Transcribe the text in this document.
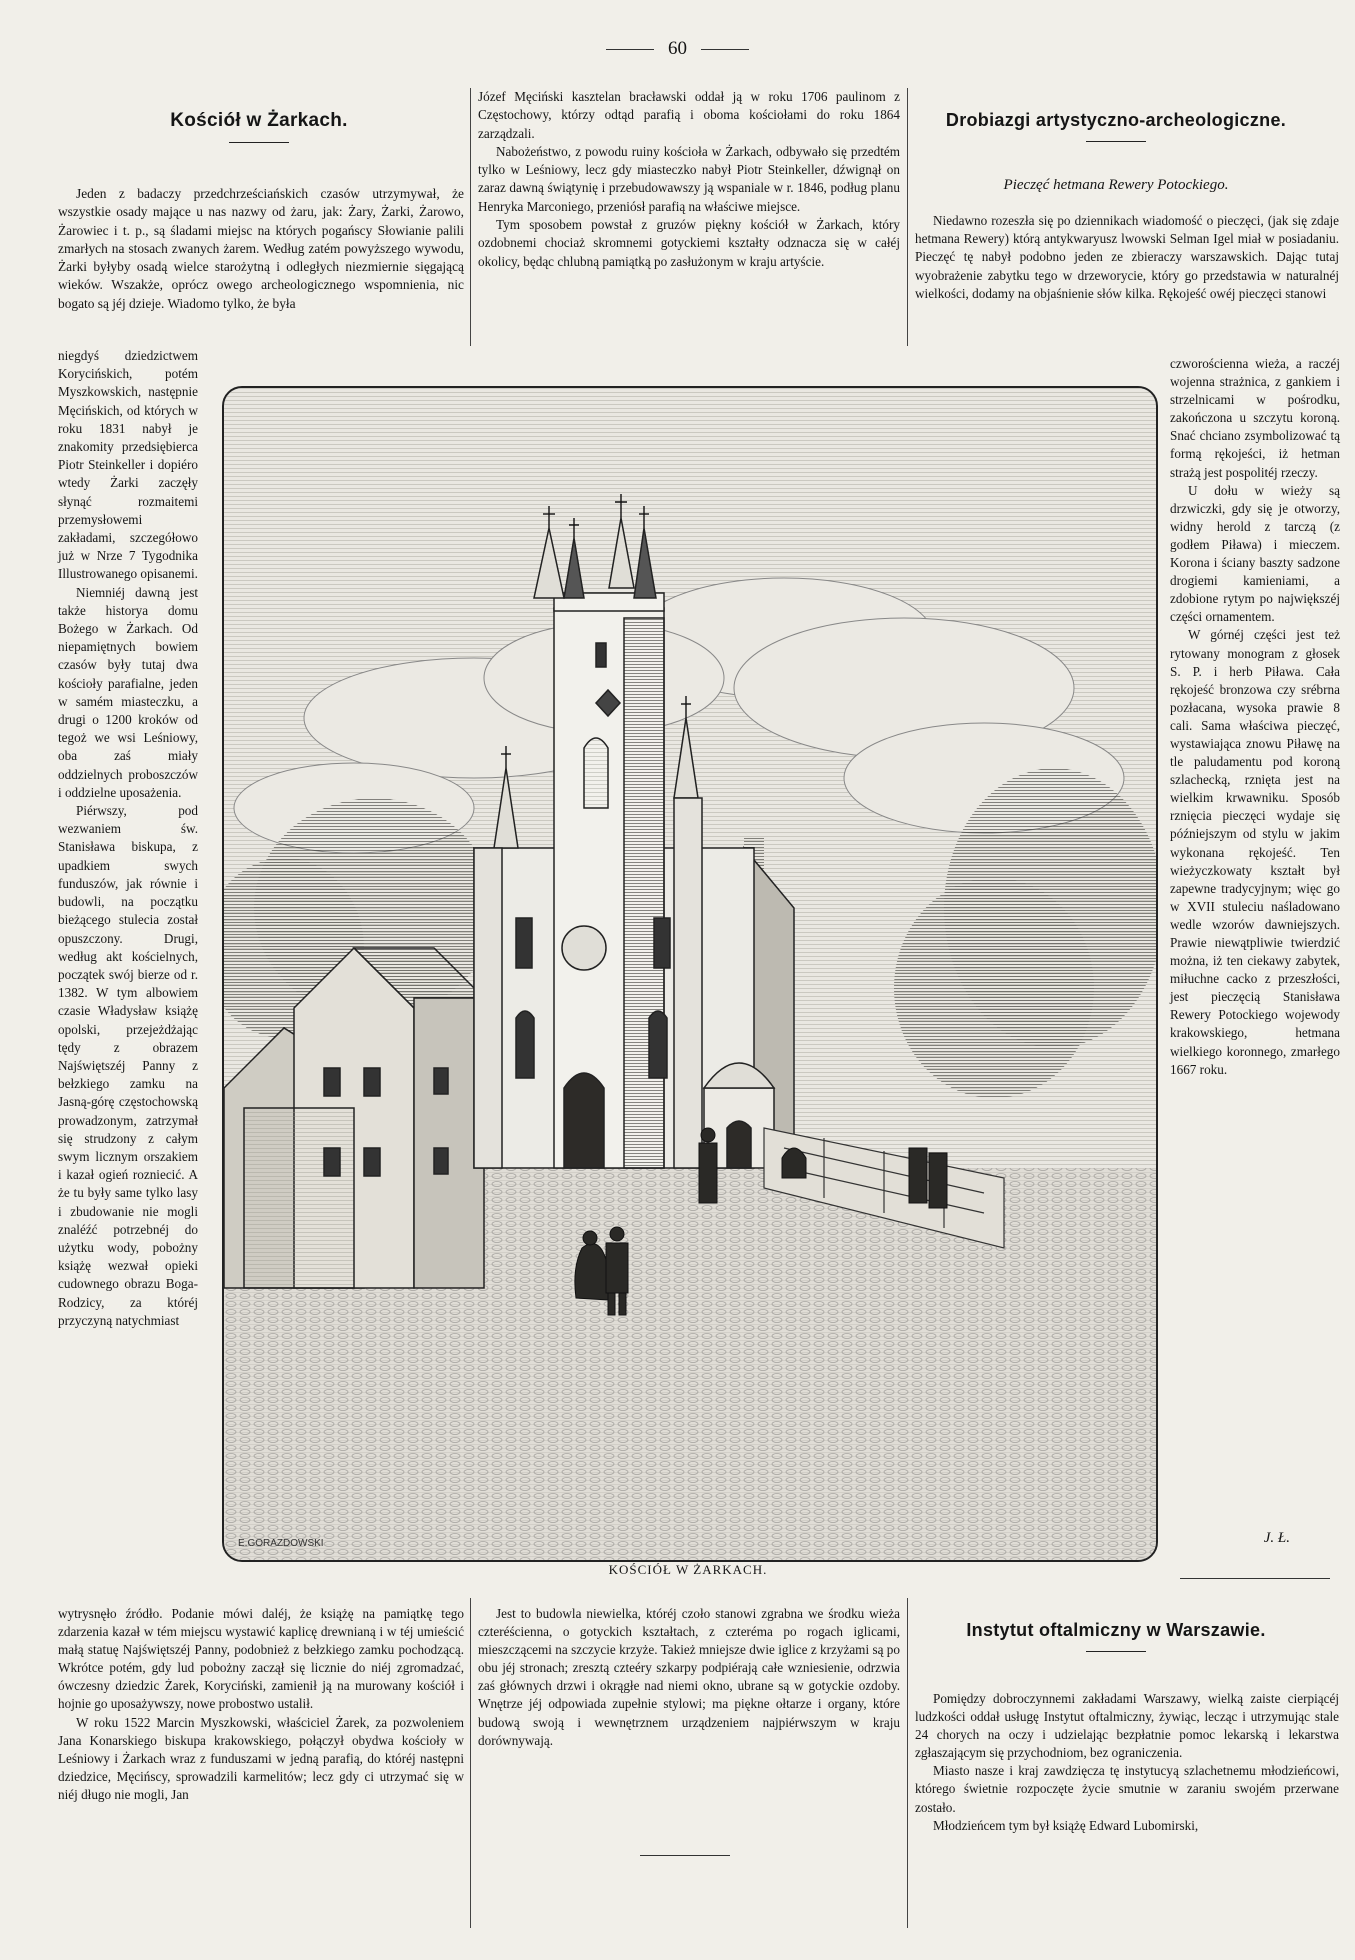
60
Kościół w Żarkach.

Jeden z badaczy przedchrześciańskich czasów utrzymywał, że wszystkie osady mające u nas nazwy od żaru, jak: Żary, Żarki, Żarowo, Żarowiec i t. p., są śladami miejsc na których pogańscy Słowianie palili zmarłych na stosach zwanych żarem. Według zatém powyższego wywodu, Żarki byłyby osadą wielce starożytną i odległych niezmiernie sięgającą wieków. Wszakże, oprócz owego archeologicznego wspomnienia, nic bogato są jéj dzieje. Wiadomo tylko, że była

niegdyś dziedzictwem Korycińskich, potém Myszkowskich, następnie Męcińskich, od których w roku 1831 nabył je znakomity przedsiębierca Piotr Steinkeller i dopiéro wtedy Żarki zaczęły słynąć rozmaitemi przemysłowemi zakładami, szczegółowo już w Nrze 7 Tygodnika Illustrowanego opisanemi.

Niemniéj dawną jest także historya domu Bożego w Żarkach. Od niepamiętnych bowiem czasów były tutaj dwa kościoły parafialne, jeden w samém miasteczku, a drugi o 1200 kroków od tegoż we wsi Leśniowy, oba zaś miały oddzielnych proboszczów i oddzielne uposażenia.

Piérwszy, pod wezwaniem św. Stanisława biskupa, z upadkiem swych funduszów, jak równie i budowli, na początku bieżącego stulecia został opuszczony. Drugi, według akt kościelnych, początek swój bierze od r. 1382. W tym albowiem czasie Władysław książę opolski, przejeżdżając tędy z obrazem Najświętszéj Panny z bełzkiego zamku na Jasną-górę częstochowską prowadzonym, zatrzymał się strudzony z całym swym licznym orszakiem i kazał ogień rozniecić. A że tu były same tylko lasy i zbudowanie nie mogli znaléźć potrzebnéj do użytku wody, pobożny książę wezwał opieki cudownego obrazu Boga-Rodzicy, za któréj przyczyną natychmiast

wytrysnęło źródło. Podanie mówi daléj, że książę na pamiątkę tego zdarzenia kazał w tém miejscu wystawić kaplicę drewnianą i w téj umieścić małą statuę Najświętszéj Panny, podobnież z bełzkiego zamku pochodzącą. Wkrótce potém, gdy lud pobożny zaczął się licznie do niéj zgromadzać, ówczesny dziedzic Żarek, Koryciński, zamienił ją na murowany kościół i hojnie go uposażywszy, nowe probostwo ustalił.

W roku 1522 Marcin Myszkowski, właściciel Żarek, za pozwoleniem Jana Konarskiego biskupa krakowskiego, połączył obydwa kościoły w Leśniowy i Żarkach wraz z funduszami w jedną parafią, do któréj następni dziedzice, Męcińscy, sprowadzili karmelitów; lecz gdy ci utrzymać się w niéj długo nie mogli, Jan

Józef Męciński kasztelan bracławski oddał ją w roku 1706 paulinom z Częstochowy, którzy odtąd parafią i oboma kościołami do roku 1864 zarządzali.

Nabożeństwo, z powodu ruiny kościoła w Żarkach, odbywało się przedtém tylko w Leśniowy, lecz gdy miasteczko nabył Piotr Steinkeller, dźwignął on zaraz dawną świątynię i przebudowawszy ją wspaniale w r. 1846, podług planu Henryka Marconiego, przeniósł parafią na właściwe miejsce.

Tym sposobem powstał z gruzów piękny kościół w Żarkach, który ozdobnemi chociaż skromnemi gotyckiemi kształty odznacza się w całéj okolicy, będąc chlubną pamiątką po zasłużonym w kraju artyście.

Drobiazgi artystyczno-archeologiczne.
Pieczęć hetmana Rewery Potockiego.

Niedawno rozeszła się po dziennikach wiadomość o pieczęci, (jak się zdaje hetmana Rewery) którą antykwaryusz lwowski Selman Igel miał w posiadaniu. Pieczęć tę nabył podobno jeden ze zbieraczy warszawskich. Dając tutaj wyobrażenie zabytku tego w drzeworycie, który go przedstawia w naturalnéj wielkości, dodamy na objaśnienie słów kilka. Rękojeść owéj pieczęci stanowi

czworościenna wieża, a raczéj wojenna strażnica, z gankiem i strzelnicami w pośrodku, zakończona u szczytu koroną. Snać chciano zsymbolizować tą formą rękojeści, iż hetman strażą jest pospolitéj rzeczy.

U dołu w wieży są drzwiczki, gdy się je otworzy, widny herold z tarczą (z godłem Piława) i mieczem. Korona i ściany baszty sadzone drogiemi kamieniami, a zdobione rytym po największéj części ornamentem.

W górnéj części jest też rytowany monogram z głosek S. P. i herb Piława. Cała rękojeść bronzowa czy srébrna pozłacana, wysoka prawie 8 cali. Sama właściwa pieczęć, wystawiająca znowu Piławę na tle paludamentu pod koroną szlachecką, rznięta jest na wielkim krwawniku. Sposób rznięcia pieczęci wydaje się późniejszym od stylu w jakim wykonana rękojeść. Ten wieżyczkowaty kształt był zapewne tradycyjnym; więc go w XVII stuleciu naśladowano wedle wzorów dawniejszych. Prawie niewątpliwie twierdzić można, iż ten ciekawy zabytek, miłuchne cacko z przeszłości, jest pieczęcią Stanisława Rewery Potockiego wojewody krakowskiego, hetmana wielkiego koronnego, zmarłego 1667 roku.

J. Ł.
E.GORAZDOWSKI
KOŚCIÓŁ W ŻARKACH.

Jest to budowla niewielka, któréj czoło stanowi zgrabna we środku wieża czteréściennа, o gotyckich kształtach, z czteréma po rogach iglicami, mieszczącemi na szczycie krzyże. Takież mniejsze dwie iglice z krzyżami są po obu jéj stronach; zresztą czteéry szkarpy podpiérają całe wzniesienie, odrzwia zaś głównych drzwi i okrągłe nad niemi okno, ubrane są w gotyckie ozdoby. Wnętrze jéj odpowiada zupełnie stylowi; ma piękne ołtarze i organy, które budową swoją i wewnętrznem urządzeniem najpiérwszym w kraju dorównywają.

Instytut oftalmiczny w Warszawie.

Pomiędzy dobroczynnemi zakładami Warszawy, wielką zaiste cierpiącéj ludzkości oddał usługę Instytut oftalmiczny, żywiąc, lecząc i utrzymując stale 24 chorych na oczy i udzielając bezpłatnie pomoc lekarską i lekarstwa zgłaszającym się przychodniom, bez ograniczenia.

Miasto nasze i kraj zawdzięcza tę instytucyą szlachetnemu młodzieńcowi, którego świetnie rozpoczęte życie smutnie w zaraniu swojém przerwane zostało.

Młodzieńcem tym był książę Edward Lubomirski,
